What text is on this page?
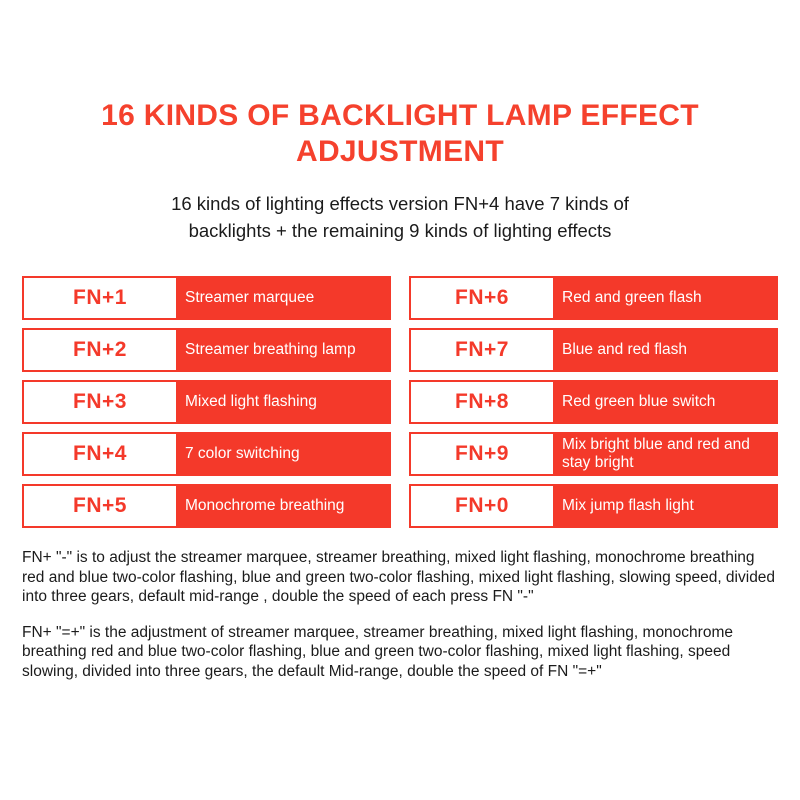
16 KINDS OF BACKLIGHT LAMP EFFECT
ADJUSTMENT
16 kinds of lighting effects version FN+4 have 7 kinds of
backlights + the remaining 9 kinds of lighting effects
FN+1	Streamer marquee
FN+2	Streamer breathing lamp
FN+3	Mixed light flashing
FN+4	7 color switching
FN+5	Monochrome breathing
FN+6	Red and green flash
FN+7	Blue and red flash
FN+8	Red green blue switch
FN+9	Mix bright blue and red and stay bright
FN+0	Mix jump flash light

FN+ "-" is to adjust the streamer marquee, streamer breathing, mixed light flashing, monochrome breathing red and blue two-color flashing, blue and green two-color flashing, mixed light flashing, slowing speed, divided into three gears, default mid-range , double the speed of each press FN "-"

FN+ "=+" is the adjustment of streamer marquee, streamer breathing, mixed light flashing, monochrome breathing red and blue two-color flashing, blue and green two-color flashing, mixed light flashing, speed slowing, divided into three gears, the default Mid-range, double the speed of FN "=+"
